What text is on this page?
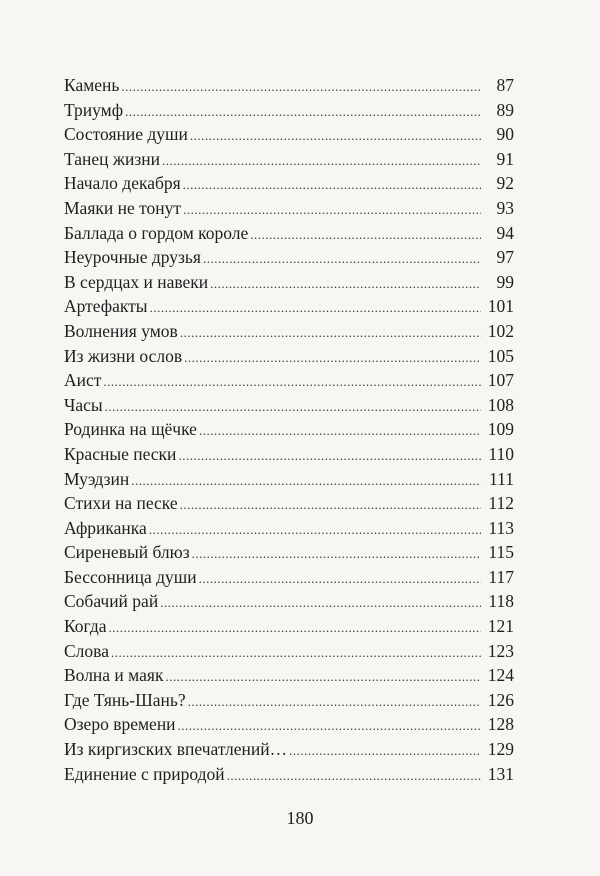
Камень .....	87
Триумф .....	89
Состояние души .....	90
Танец жизни .....	91
Начало декабря .....	92
Маяки не тонут .....	93
Баллада о гордом короле .....	94
Неурочные друзья .....	97
В сердцах и навеки .....	99
Артефакты .....	101
Волнения умов .....	102
Из жизни ослов .....	105
Аист .....	107
Часы .....	108
Родинка на щёчке .....	109
Красные пески .....	110
Муэдзин .....	111
Стихи на песке .....	112
Африканка .....	113
Сиреневый блюз .....	115
Бессонница души .....	117
Собачий рай .....	118
Когда .....	121
Слова .....	123
Волна и маяк .....	124
Где Тянь-Шань? .....	126
Озеро времени .....	128
Из киргизских впечатлений… .....	129
Единение с природой .....	131
180
